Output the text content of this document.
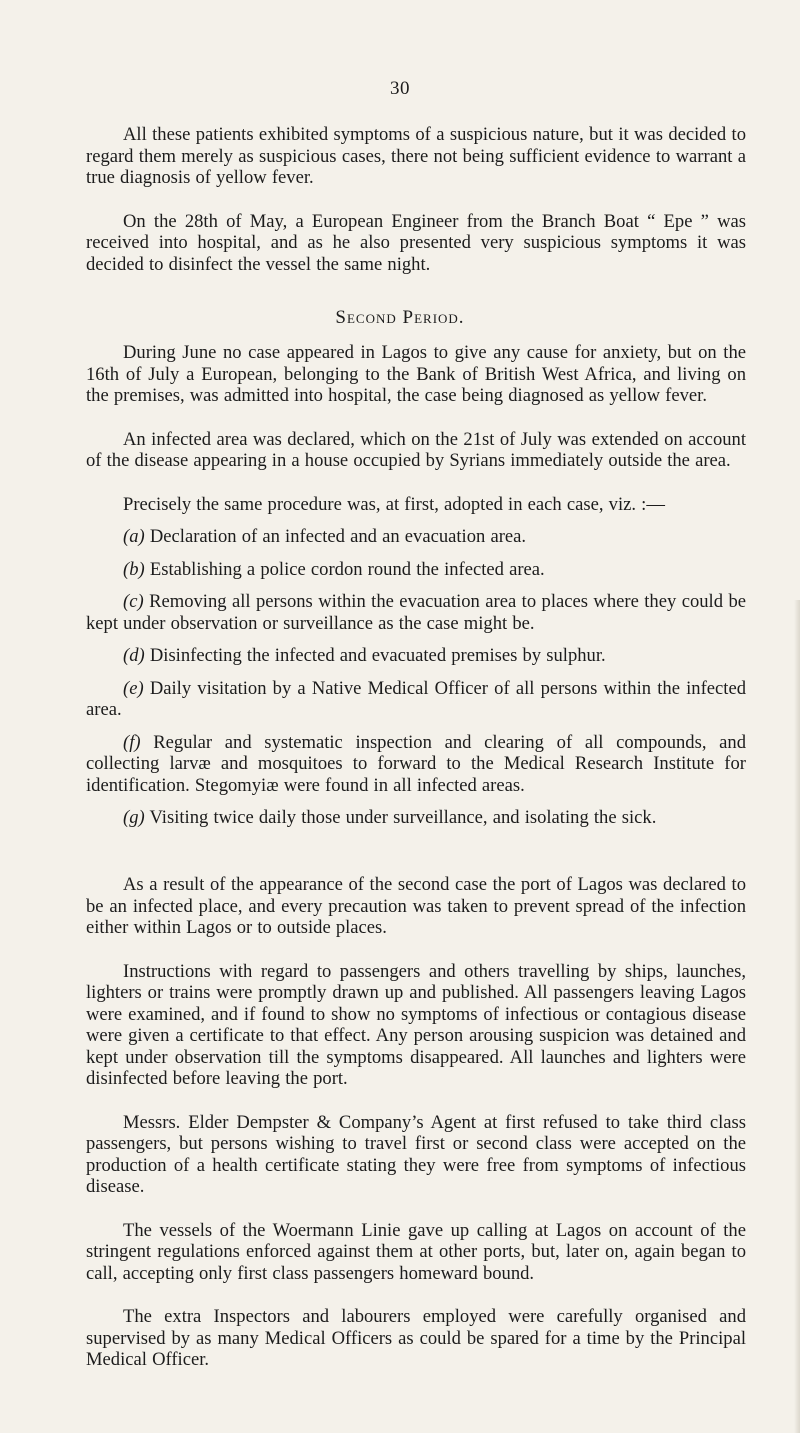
30

All these patients exhibited symptoms of a suspicious nature, but it was decided to regard them merely as suspicious cases, there not being sufficient evidence to warrant a true diagnosis of yellow fever.

On the 28th of May, a European Engineer from the Branch Boat “ Epe ” was received into hospital, and as he also presented very suspicious symptoms it was decided to disinfect the vessel the same night.

Second Period.

During June no case appeared in Lagos to give any cause for anxiety, but on the 16th of July a European, belonging to the Bank of British West Africa, and living on the premises, was admitted into hospital, the case being diagnosed as yellow fever.

An infected area was declared, which on the 21st of July was extended on account of the disease appearing in a house occupied by Syrians immediately outside the area.

Precisely the same procedure was, at first, adopted in each case, viz. :—

(a) Declaration of an infected and an evacuation area.

(b) Establishing a police cordon round the infected area.

(c) Removing all persons within the evacuation area to places where they could be kept under observation or surveillance as the case might be.

(d) Disinfecting the infected and evacuated premises by sulphur.

(e) Daily visitation by a Native Medical Officer of all persons within the infected area.

(f) Regular and systematic inspection and clearing of all compounds, and collecting larvæ and mosquitoes to forward to the Medical Research Institute for identification. Stegomyiæ were found in all infected areas.

(g) Visiting twice daily those under surveillance, and isolating the sick.

As a result of the appearance of the second case the port of Lagos was declared to be an infected place, and every precaution was taken to prevent spread of the infection either within Lagos or to outside places.

Instructions with regard to passengers and others travelling by ships, launches, lighters or trains were promptly drawn up and published. All passengers leaving Lagos were examined, and if found to show no symptoms of infectious or contagious disease were given a certificate to that effect. Any person arousing suspicion was detained and kept under observation till the symptoms disappeared. All launches and lighters were disinfected before leaving the port.

Messrs. Elder Dempster & Company’s Agent at first refused to take third class passengers, but persons wishing to travel first or second class were accepted on the production of a health certificate stating they were free from symptoms of infectious disease.

The vessels of the Woermann Linie gave up calling at Lagos on account of the stringent regulations enforced against them at other ports, but, later on, again began to call, accepting only first class passengers homeward bound.

The extra Inspectors and labourers employed were carefully organised and supervised by as many Medical Officers as could be spared for a time by the Principal Medical Officer.
